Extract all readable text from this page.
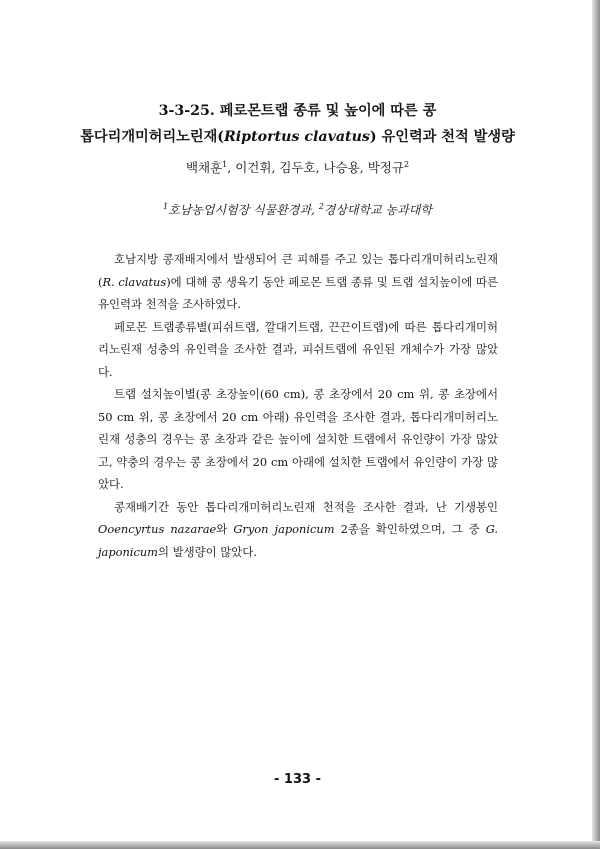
3-3-25. 페로몬트랩 종류 및 높이에 따른 콩
톱다리개미허리노린재(Riptortus clavatus) 유인력과 천적 발생량

백채훈$^1$, 이건휘, 김두호, 나승용, 박정규$^2$

$^1$호남농업시험장 식물환경과, $^2$경상대학교 농과대학

호남지방 콩재배지에서 발생되어 큰 피해를 주고 있는 톱다리개미허리노린재 (R. clavatus)에 대해 콩 생육기 동안 페로몬 트랩 종류 및 트랩 설치높이에 따른 유인력과 천적을 조사하였다.

페로몬 트랩종류별(피쉬트랩, 깔대기트랩, 끈끈이트랩)에 따른 톱다리개미허리노린재 성충의 유인력을 조사한 결과, 피쉬트랩에 유인된 개체수가 가장 많았다.

트랩 설치높이별(콩 초장높이(60 cm), 콩 초장에서 20 cm 위, 콩 초장에서 50 cm 위, 콩 초장에서 20 cm 아래) 유인력을 조사한 결과, 톱다리개미허리노린재 성충의 경우는 콩 초장과 같은 높이에 설치한 트랩에서 유인량이 가장 많았고, 약충의 경우는 콩 초장에서 20 cm 아래에 설치한 트랩에서 유인량이 가장 많았다.

콩재배기간 동안 톱다리개미허리노린재 천적을 조사한 결과, 난 기생봉인 Ooencyrtus nazarae와 Gryon japonicum 2종을 확인하였으며, 그 중 G. japonicum의 발생량이 많았다.

- 133 -
